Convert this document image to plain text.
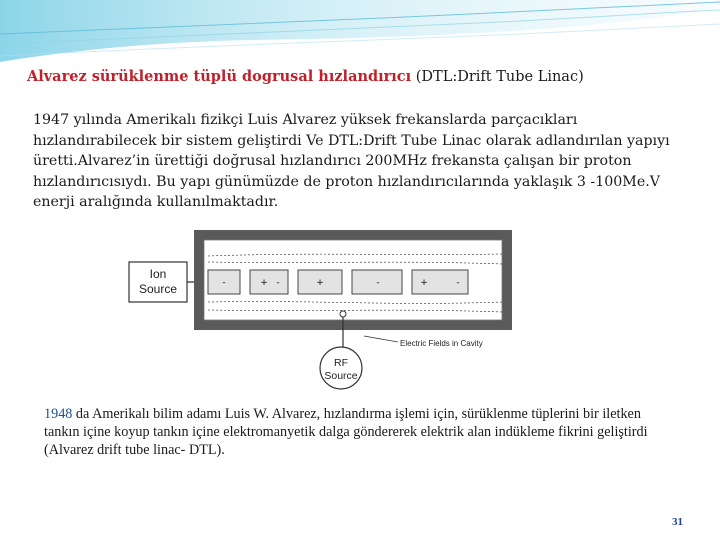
Alvarez sürüklenme tüplü dogrusal hızlandırıcı (DTL:Drift Tube Linac)

1947 yılında Amerikalı fizikçi Luis Alvarez yüksek frekanslarda parçacıkları hızlandırabilecek bir sistem geliştirdi Ve DTL:Drift Tube Linac olarak adlandırılan yapıyı üretti.Alvarez’in ürettiği doğrusal hızlandırıcı 200MHz frekansta çalışan bir proton hızlandırıcısıydı. Bu yapı günümüzde de proton hızlandırıcılarında yaklaşık 3 -100Me.V enerji aralığında kullanılmaktadır.

Ion
Source	-	+ -	+	-	+	-
RF
Source
Electric Fields in Cavity

1948 da Amerikalı bilim adamı Luis W. Alvarez, hızlandırma işlemi için, sürüklenme tüplerini bir iletken tankın içine koyup tankın içine elektromanyetik dalga göndererek elektrik alan indükleme fikrini geliştirdi (Alvarez drift tube linac- DTL).

31
